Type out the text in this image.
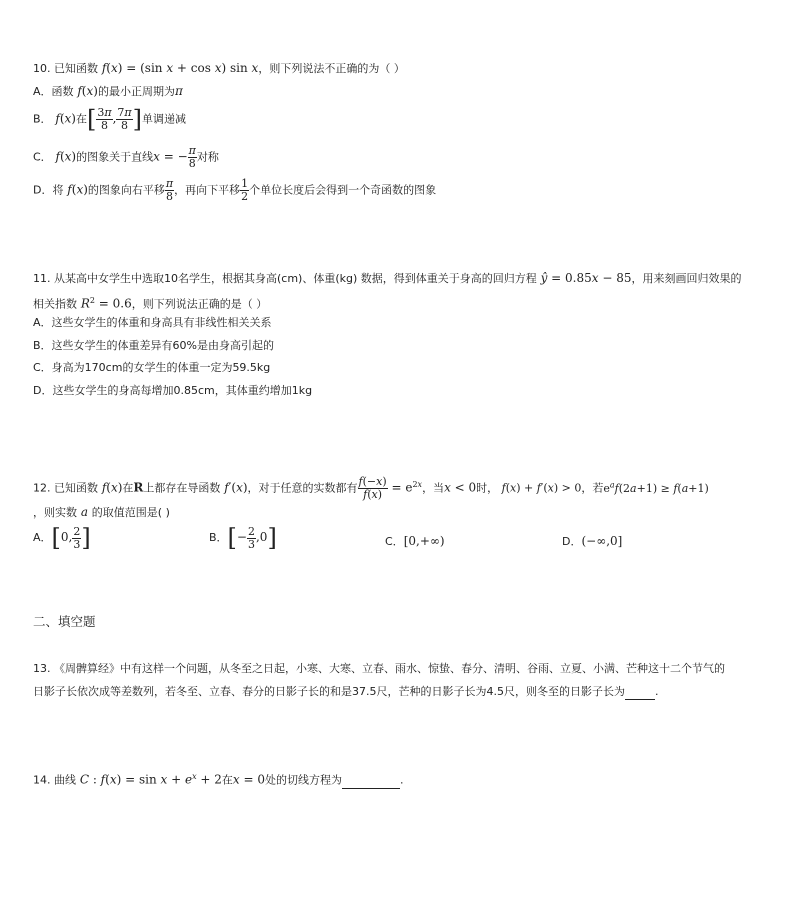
10. 已知函数 f(x) = (sin x + cos x) sin x，则下列说法不正确的为（ ）
A．函数 f(x)的最小正周期为π
B． f(x)在[ $\frac{3\pi}{8}$ , $\frac{7\pi}{8}$ ]单调递减
C． f(x)的图象关于直线x = − $\frac{\pi}{8}$ 对称
D．将 f(x)的图象向右平移 $\frac{\pi}{8}$ ，再向下平移 $\frac{1}{2}$ 个单位长度后会得到一个奇函数的图象
11. 从某高中女学生中选取10名学生，根据其身高(cm)、体重(kg) 数据，得到体重关于身高的回归方程 ŷ = 0.85x − 85，用来刻画回归效果的
相关指数 $R^2 = 0.6$，则下列说法正确的是（ ）
A．这些女学生的体重和身高具有非线性相关关系
B．这些女学生的体重差异有60%是由身高引起的
C．身高为170cm的女学生的体重一定为59.5kg
D．这些女学生的身高每增加0.85cm，其体重约增加1kg
12. 已知函数 f(x)在R上都存在导函数 f′(x)，对于任意的实数都有 $\frac{f(-x)}{f(x)} = e^{2x}$，当x < 0时， f(x) + f′(x) > 0，若$e^af(2a+1) \ge f(a+1)$
，则实数 a 的取值范围是( )
A．[0, $\frac{2}{3}$ ]	B．[− $\frac{2}{3} ,0$]	C．[0,+∞)	D．(−∞,0]
二、填空题
13. 《周髀算经》中有这样一个问题，从冬至之日起，小寒、大寒、立春、雨水、惊蛰、春分、清明、谷雨、立夏、小满、芒种这十二个节气的
日影子长依次成等差数列，若冬至、立春、春分的日影子长的和是37.5尺，芒种的日影子长为4.5尺，则冬至的日影子长为	.
14. 曲线 C : $f(x) = \sin x + e^x + 2$在x = 0处的切线方程为	.
